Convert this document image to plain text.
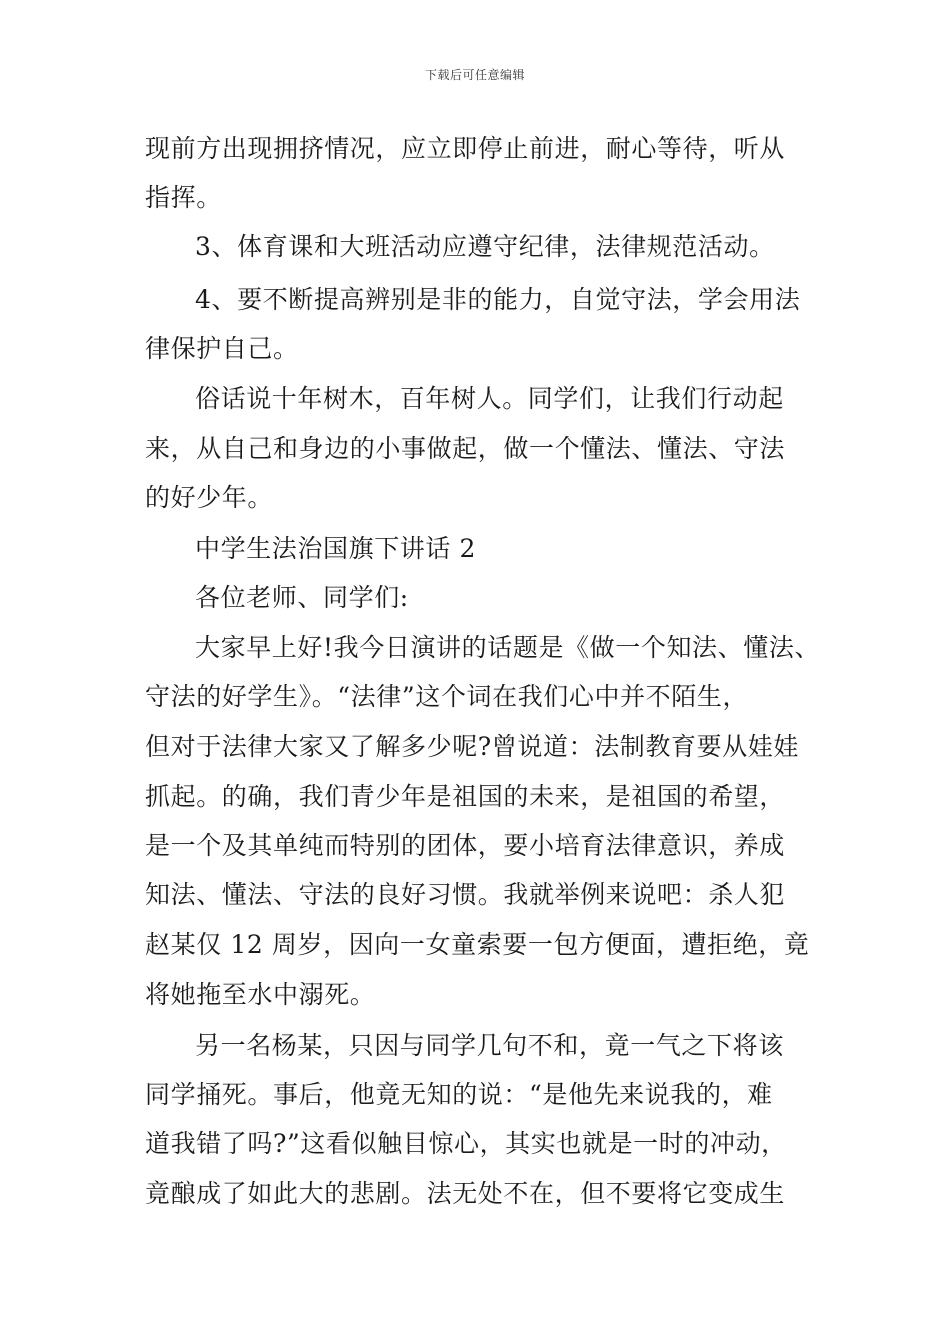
下载后可任意编辑
现前方出现拥挤情况，应立即停止前进，耐心等待，听从
指挥。
3、体育课和大班活动应遵守纪律，法律规范活动。
4、要不断提高辨别是非的能力，自觉守法，学会用法
律保护自己。
俗话说十年树木，百年树人。同学们，让我们行动起
来，从自己和身边的小事做起，做一个懂法、懂法、守法
的好少年。
中学生法治国旗下讲话 2
各位老师、同学们:
大家早上好!我今日演讲的话题是《做一个知法、懂法、
守法的好学生》。“法律”这个词在我们心中并不陌生，
但对于法律大家又了解多少呢?曾说道：法制教育要从娃娃
抓起。的确，我们青少年是祖国的未来，是祖国的希望，
是一个及其单纯而特别的团体，要小培育法律意识，养成
知法、懂法、守法的良好习惯。我就举例来说吧：杀人犯
赵某仅 12 周岁，因向一女童索要一包方便面，遭拒绝，竟
将她拖至水中溺死。
另一名杨某，只因与同学几句不和，竟一气之下将该
同学捅死。事后，他竟无知的说：“是他先来说我的，难
道我错了吗?”这看似触目惊心，其实也就是一时的冲动，
竟酿成了如此大的悲剧。法无处不在，但不要将它变成生
